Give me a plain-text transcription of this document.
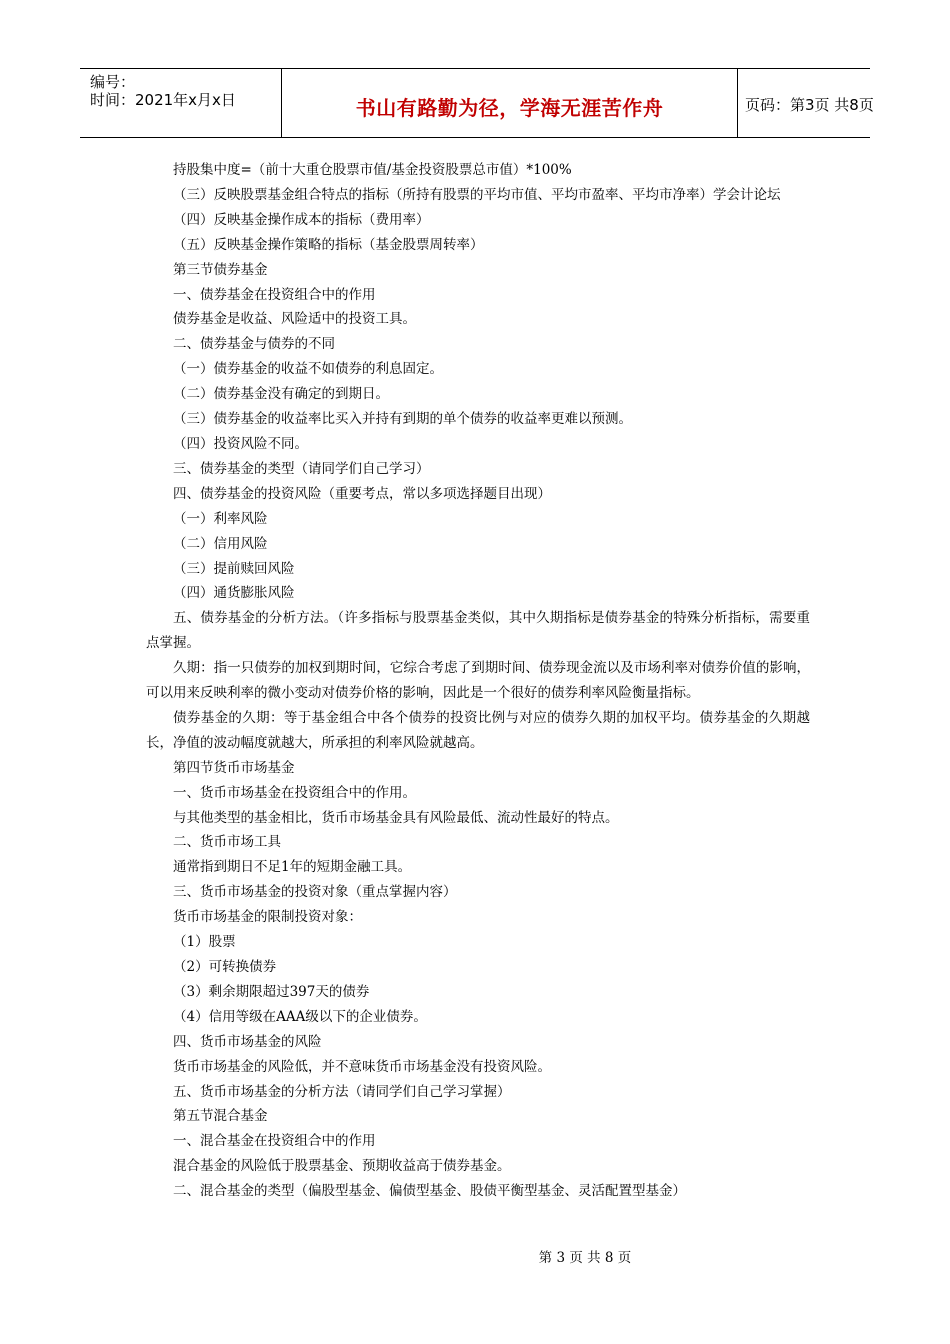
编号：
时间：2021年x月x日	书山有路勤为径，学海无涯苦作舟	页码：第3页 共8页

持股集中度=（前十大重仓股票市值/基金投资股票总市值）*100%

（三）反映股票基金组合特点的指标（所持有股票的平均市值、平均市盈率、平均市净率）学会计论坛

（四）反映基金操作成本的指标（费用率）

（五）反映基金操作策略的指标（基金股票周转率）

第三节债券基金

一、债券基金在投资组合中的作用

债券基金是收益、风险适中的投资工具。

二、债券基金与债券的不同

（一）债券基金的收益不如债券的利息固定。

（二）债券基金没有确定的到期日。

（三）债券基金的收益率比买入并持有到期的单个债券的收益率更难以预测。

（四）投资风险不同。

三、债券基金的类型（请同学们自己学习）

四、债券基金的投资风险（重要考点，常以多项选择题目出现）

（一）利率风险

（二）信用风险

（三）提前赎回风险

（四）通货膨胀风险

五、债券基金的分析方法。（许多指标与股票基金类似，其中久期指标是债券基金的特殊分析指标，需要重点掌握。

久期：指一只债券的加权到期时间，它综合考虑了到期时间、债券现金流以及市场利率对债券价值的影响，可以用来反映利率的微小变动对债券价格的影响，因此是一个很好的债券利率风险衡量指标。

债券基金的久期：等于基金组合中各个债券的投资比例与对应的债券久期的加权平均。债券基金的久期越长，净值的波动幅度就越大，所承担的利率风险就越高。

第四节货币市场基金

一、货币市场基金在投资组合中的作用。

与其他类型的基金相比，货币市场基金具有风险最低、流动性最好的特点。

二、货币市场工具

通常指到期日不足1年的短期金融工具。

三、货币市场基金的投资对象（重点掌握内容）

货币市场基金的限制投资对象：

（1）股票

（2）可转换债券

（3）剩余期限超过397天的债券

（4）信用等级在AAA级以下的企业债券。

四、货币市场基金的风险

货币市场基金的风险低，并不意味货币市场基金没有投资风险。

五、货币市场基金的分析方法（请同学们自己学习掌握）

第五节混合基金

一、混合基金在投资组合中的作用

混合基金的风险低于股票基金、预期收益高于债券基金。

二、混合基金的类型（偏股型基金、偏债型基金、股债平衡型基金、灵活配置型基金）

第 3 页 共 8 页
